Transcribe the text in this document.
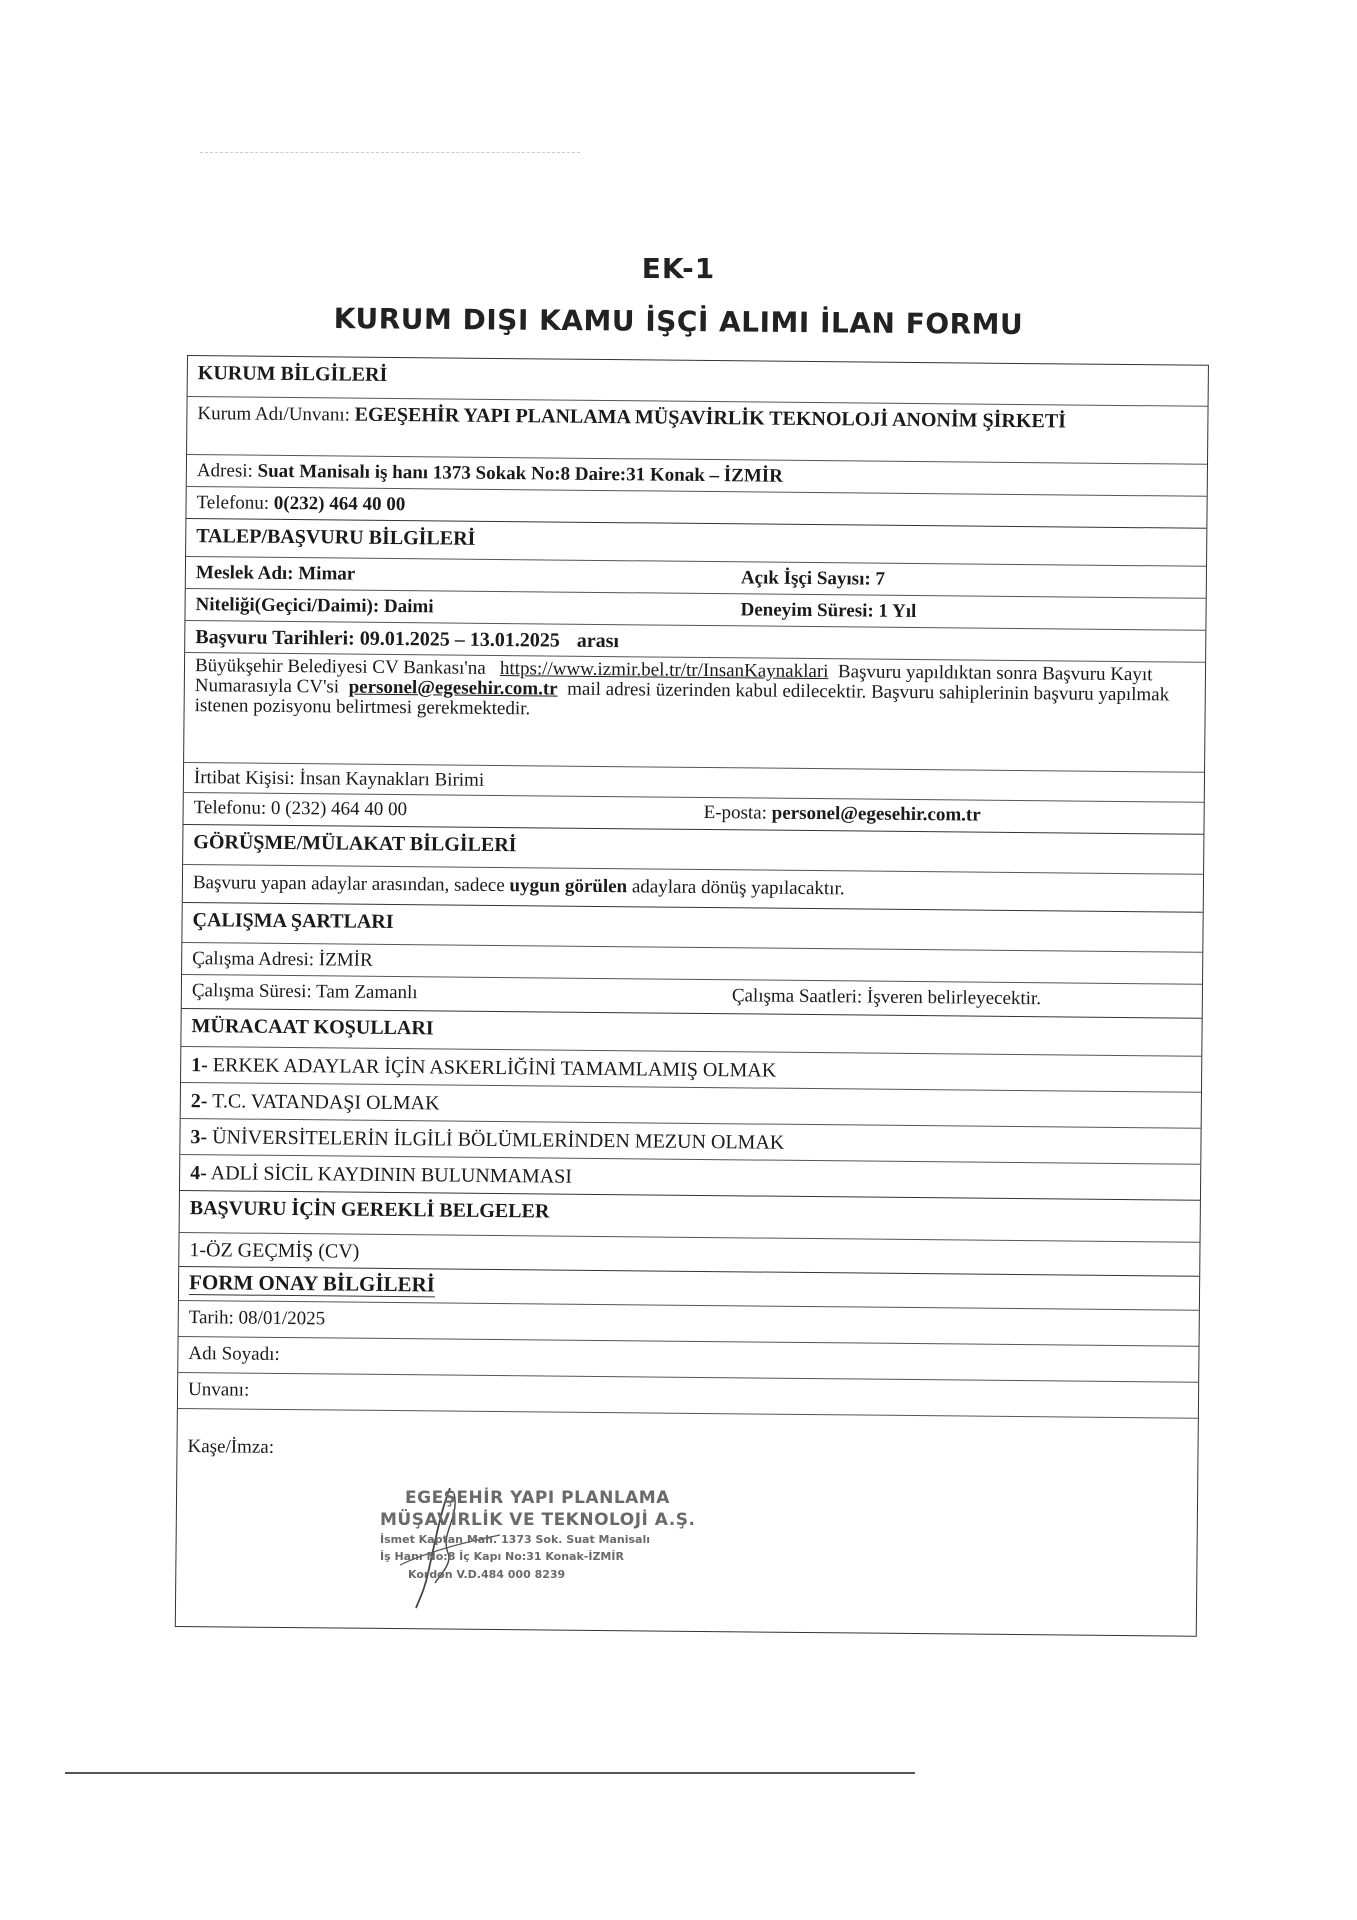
EK-1
KURUM DIŞI KAMU İŞÇİ ALIMI İLAN FORMU
KURUM BİLGİLERİ
Kurum Adı/Unvanı: EGEŞEHİR YAPI PLANLAMA MÜŞAVİRLİK TEKNOLOJİ ANONİM ŞİRKETİ
Adresi: Suat Manisalı iş hanı 1373 Sokak No:8 Daire:31 Konak – İZMİR
Telefonu: 0(232) 464 40 00
TALEP/BAŞVURU BİLGİLERİ
Meslek Adı: Mimar	Açık İşçi Sayısı: 7
Niteliği(Geçici/Daimi): Daimi	Deneyim Süresi: 1 Yıl
Başvuru Tarihleri: 09.01.2025 – 13.01.2025 arası
Büyükşehir Belediyesi CV Bankası'na https://www.izmir.bel.tr/tr/InsanKaynaklari Başvuru yapıldıktan sonra Başvuru Kayıt Numarasıyla CV'si personel@egesehir.com.tr mail adresi üzerinden kabul edilecektir. Başvuru sahiplerinin başvuru yapılmak istenen pozisyonu belirtmesi gerekmektedir.
İrtibat Kişisi: İnsan Kaynakları Birimi
Telefonu: 0 (232) 464 40 00	E-posta: personel@egesehir.com.tr
GÖRÜŞME/MÜLAKAT BİLGİLERİ
Başvuru yapan adaylar arasından, sadece uygun görülen adaylara dönüş yapılacaktır.
ÇALIŞMA ŞARTLARI
Çalışma Adresi: İZMİR
Çalışma Süresi: Tam Zamanlı	Çalışma Saatleri: İşveren belirleyecektir.
MÜRACAAT KOŞULLARI
1- ERKEK ADAYLAR İÇİN ASKERLİĞİNİ TAMAMLAMIŞ OLMAK
2- T.C. VATANDAŞI OLMAK
3- ÜNİVERSİTELERİN İLGİLİ BÖLÜMLERİNDEN MEZUN OLMAK
4- ADLİ SİCİL KAYDININ BULUNMAMASI
BAŞVURU İÇİN GEREKLİ BELGELER
1-ÖZ GEÇMİŞ (CV)
FORM ONAY BİLGİLERİ
Tarih: 08/01/2025
Adı Soyadı:
Unvanı:
Kaşe/İmza:
EGEŞEHİR YAPI PLANLAMA
MÜŞAVİRLİK VE TEKNOLOJİ A.Ş.
İsmet Kaptan Mah. 1373 Sok. Suat Manisalı
İş Hanı No:8 İç Kapı No:31 Konak-İZMİR
Kordon V.D.484 000 8239
